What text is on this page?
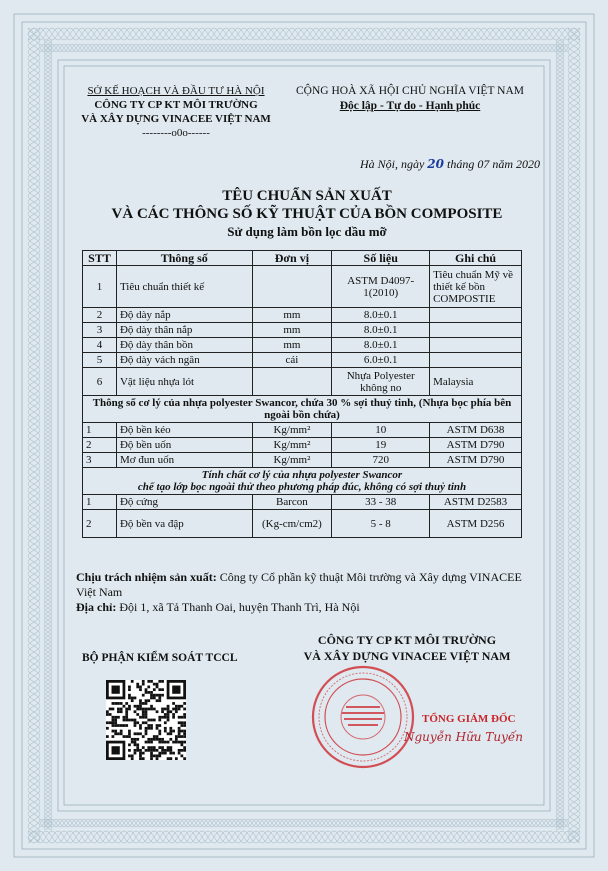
SỞ KẾ HOẠCH VÀ ĐẦU TƯ HÀ NỘI
CÔNG TY CP KT MÔI TRƯỜNG
VÀ XÂY DỰNG VINACEE VIỆT NAM
--------o0o------
CỘNG HOÀ XÃ HỘI CHỦ NGHĨA VIỆT NAM
Độc lập - Tự do - Hạnh phúc
Hà Nội, ngày 20 tháng 07 năm 2020
TÊU CHUẨN SẢN XUẤT
VÀ CÁC THÔNG SỐ KỸ THUẬT CỦA BỒN COMPOSITE
Sử dụng làm bồn lọc dầu mỡ
STT	Thông số	Đơn vị	Số liệu	Ghi chú
1	Tiêu chuẩn thiết kế		ASTM D4097-1(2010)	Tiêu chuẩn Mỹ về thiết kế bồn COMPOSTIE
2	Độ dày nắp	mm	8.0±0.1	
3	Độ dày thân nắp	mm	8.0±0.1	
4	Độ dày thân bồn	mm	8.0±0.1	
5	Độ dày vách ngăn	cái	6.0±0.1	
6	Vật liệu nhựa lót		Nhựa Polyester không no	Malaysia
Thông số cơ lý của nhựa polyester Swancor, chứa 30 % sợi thuỷ tinh, (Nhựa bọc phía bên ngoài bồn chứa)				
1	Độ bền kéo	Kg/mm²	10	ASTM D638
2	Độ bền uốn	Kg/mm²	19	ASTM D790
3	Mơ đun uốn	Kg/mm²	720	ASTM D790

Tính chất cơ lý của nhựa polyester Swancor
chế tạo lớp bọc ngoài thử theo phương pháp đúc, không có sợi thuỷ tinh				

1	Độ cứng	Barcon	33 - 38	ASTM D2583
2	Độ bền va đập	(Kg-cm/cm2)	5 - 8	ASTM D256
Chịu trách nhiệm sản xuất: Công ty Cổ phần kỹ thuật Môi trường và Xây dựng VINACEE Việt Nam
Địa chỉ: Đội 1, xã Tả Thanh Oai, huyện Thanh Trì, Hà Nội
BỘ PHẬN KIỂM SOÁT TCCL
CÔNG TY CP KT MÔI TRƯỜNG
VÀ XÂY DỰNG VINACEE VIỆT NAM
TỔNG GIÁM ĐỐC
Nguyễn Hữu Tuyến
